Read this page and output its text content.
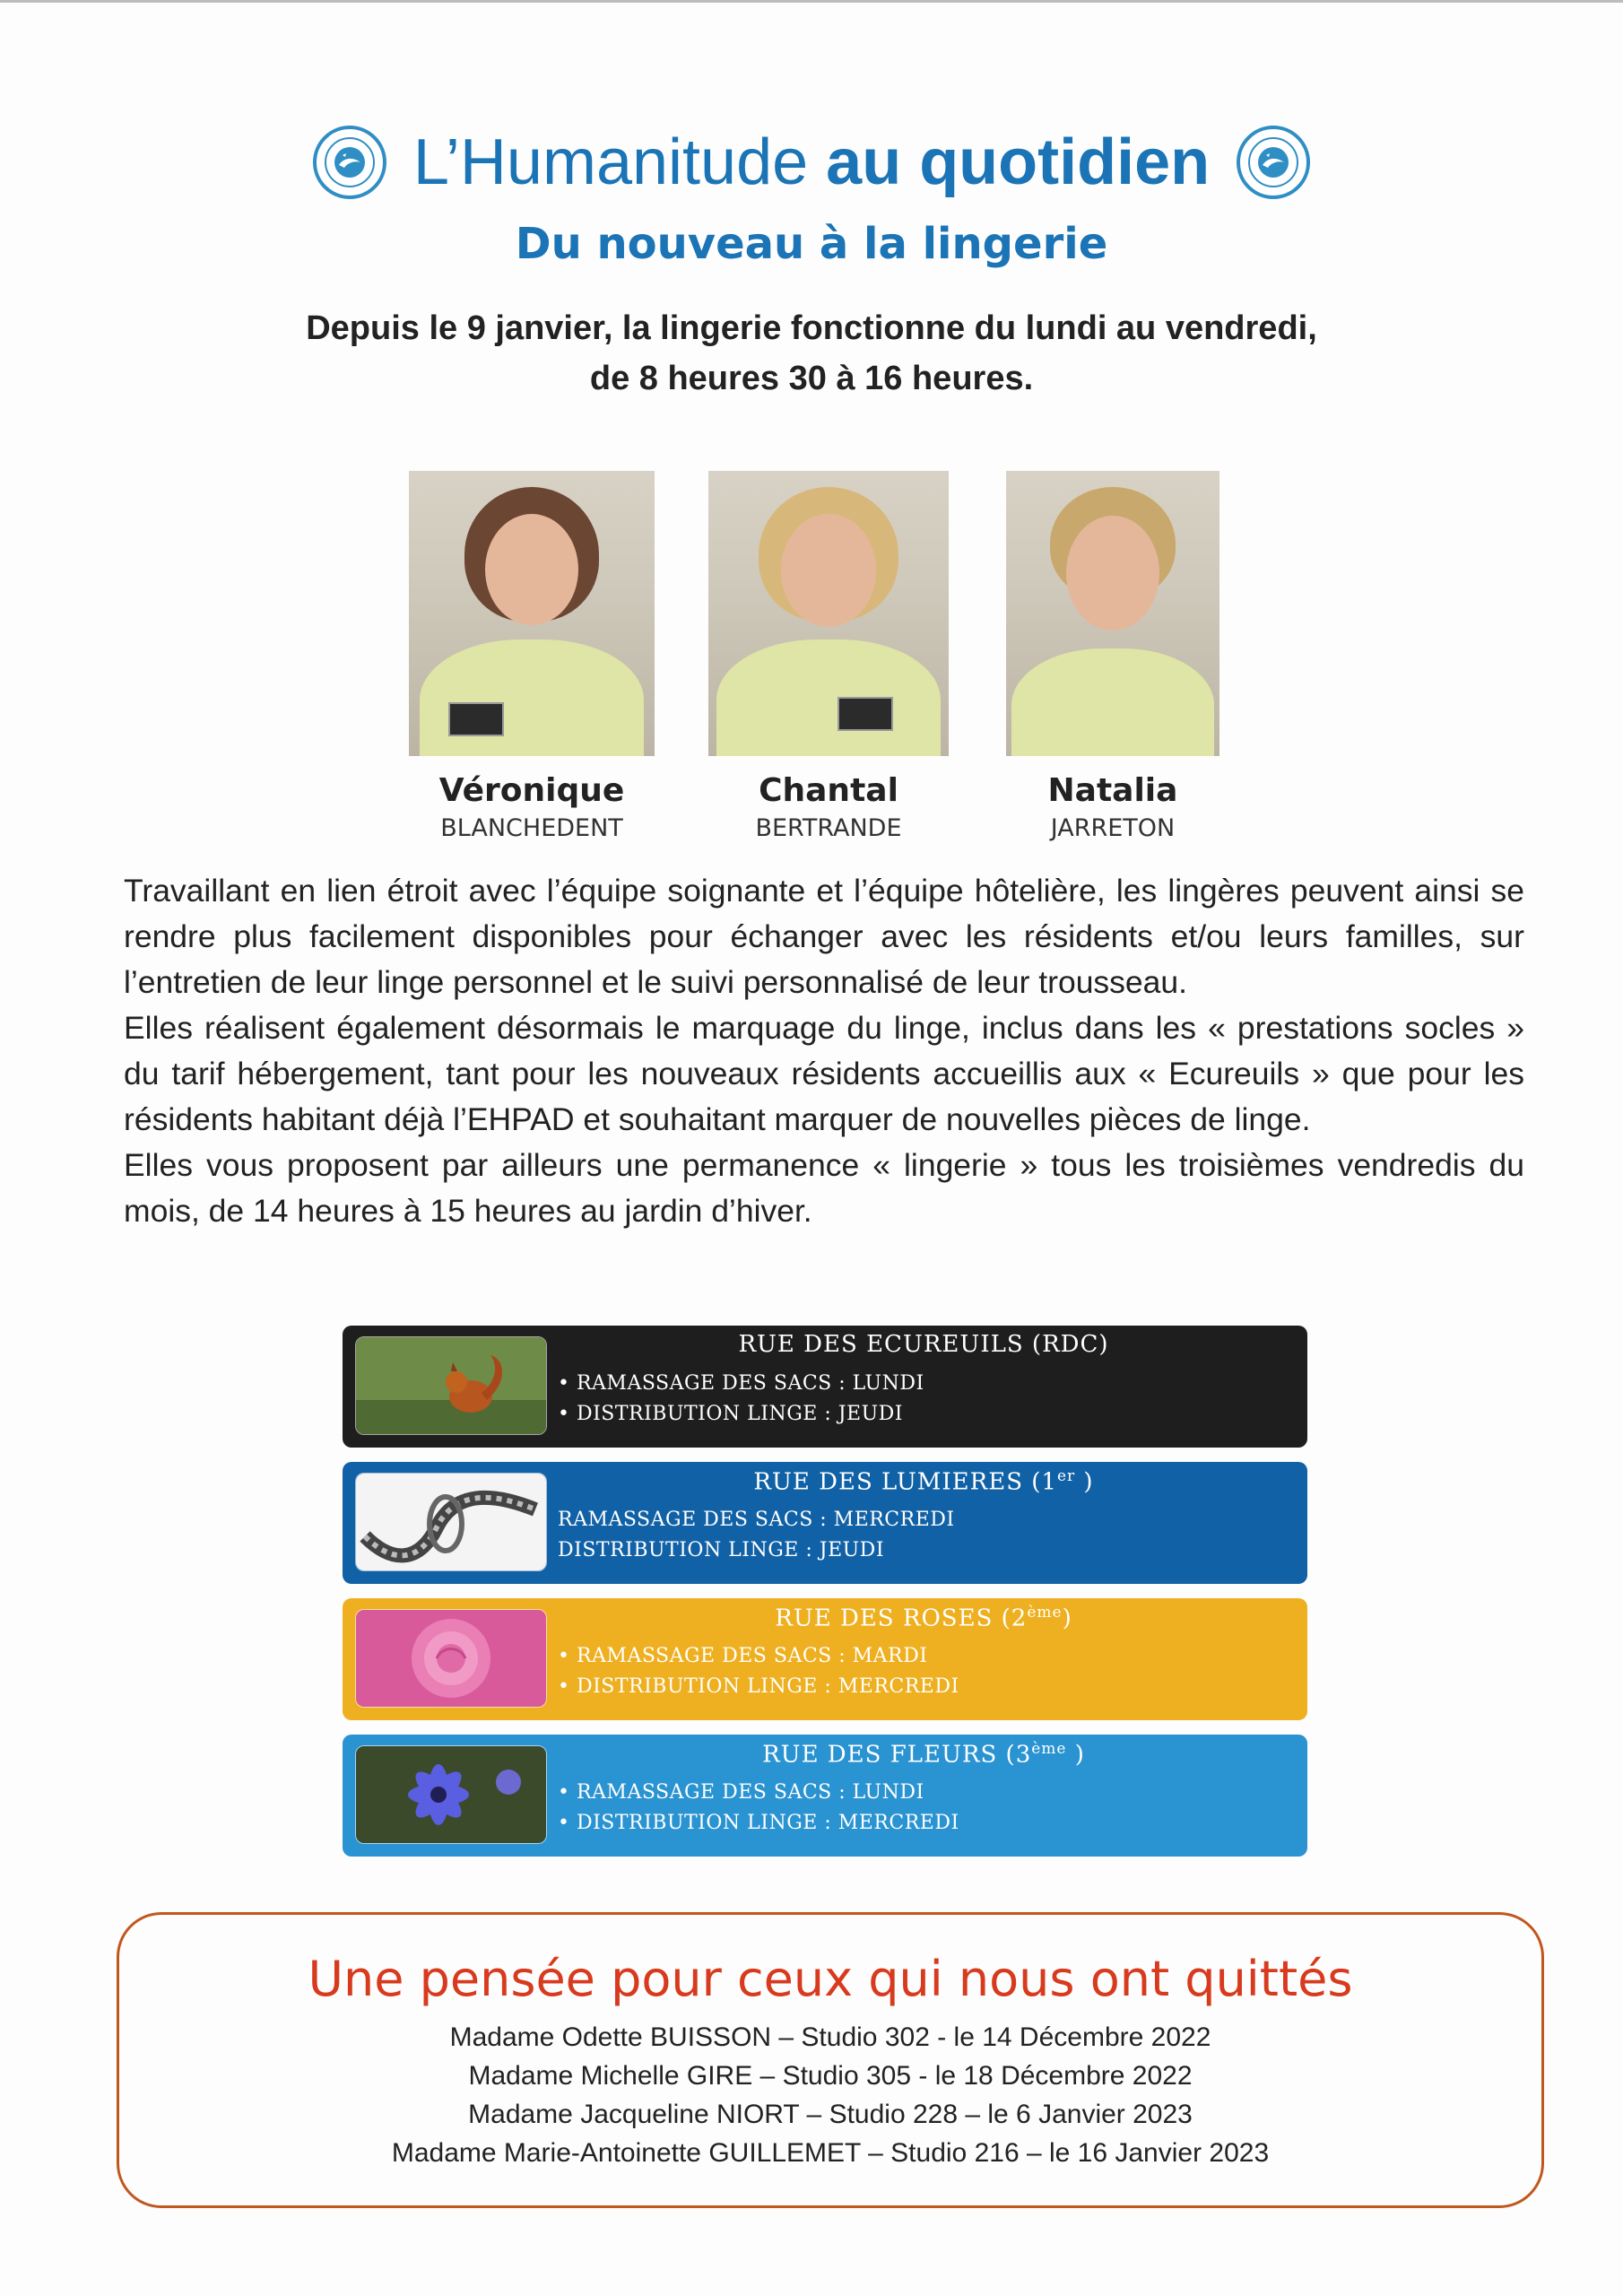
L’Humanitude au quotidien
Du nouveau à la lingerie
Depuis le 9 janvier, la lingerie fonctionne du lundi au vendredi,
de 8 heures 30 à 16 heures.
Véronique
BLANCHEDENT
Chantal
BERTRANDE
Natalia
JARRETON

Travaillant en lien étroit avec l’équipe soignante et l’équipe hôtelière, les lingères peuvent ainsi se rendre plus facilement disponibles pour échanger avec les résidents et/ou leurs familles, sur l’entretien de leur linge personnel et le suivi personnalisé de leur trousseau.

Elles réalisent également désormais le marquage du linge, inclus dans les « prestations socles » du tarif hébergement, tant pour les nouveaux résidents accueillis aux « Ecureuils » que pour les résidents habitant déjà l’EHPAD et souhaitant marquer de nouvelles pièces de linge.

Elles vous proposent par ailleurs une permanence « lingerie » tous les troisièmes vendredis du mois, de 14 heures à 15 heures au jardin d’hiver.

RUE DES ECUREUILS (RDC)
• RAMASSAGE DES SACS : LUNDI
• DISTRIBUTION LINGE : JEUDI
RUE DES LUMIERES (1er )
RAMASSAGE DES SACS : MERCREDI
DISTRIBUTION LINGE : JEUDI
RUE DES ROSES (2ème)
• RAMASSAGE DES SACS : MARDI
• DISTRIBUTION LINGE : MERCREDI
RUE DES FLEURS (3ème )
• RAMASSAGE DES SACS : LUNDI
• DISTRIBUTION LINGE : MERCREDI
Une pensée pour ceux qui nous ont quittés
Madame Odette BUISSON – Studio 302 - le 14 Décembre 2022
Madame Michelle GIRE – Studio 305 - le 18 Décembre 2022
Madame Jacqueline NIORT – Studio 228 – le 6 Janvier 2023
Madame Marie-Antoinette GUILLEMET – Studio 216 – le 16 Janvier 2023
